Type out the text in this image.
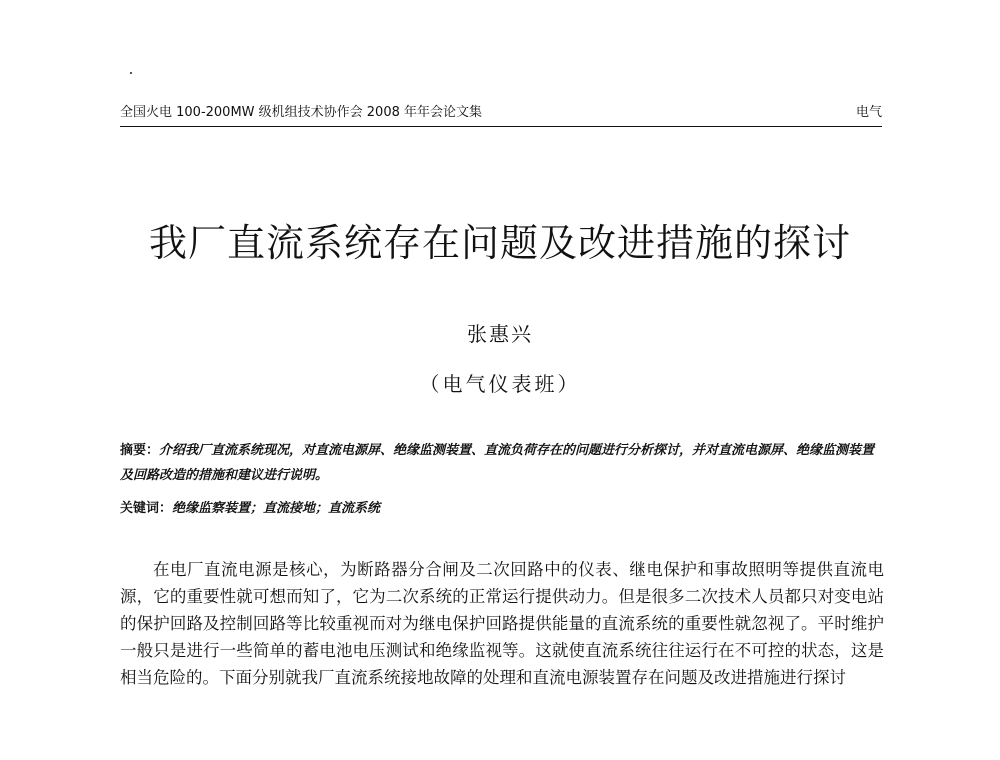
全国火电 100-200MW 级机组技术协作会 2008 年年会论文集	电气
我厂直流系统存在问题及改进措施的探讨
张惠兴
（电气仪表班）
摘要：介绍我厂直流系统现况，对直流电源屏、绝缘监测装置、直流负荷存在的问题进行分析探讨，并对直流电源屏、绝缘监测装置及回路改造的措施和建议进行说明。
关键词：绝缘监察装置；直流接地；直流系统

在电厂直流电源是核心，为断路器分合闸及二次回路中的仪表、继电保护和事故照明等提供直流电源，它的重要性就可想而知了，它为二次系统的正常运行提供动力。但是很多二次技术人员都只对变电站的保护回路及控制回路等比较重视而对为继电保护回路提供能量的直流系统的重要性就忽视了。平时维护一般只是进行一些简单的蓄电池电压测试和绝缘监视等。这就使直流系统往往运行在不可控的状态，这是相当危险的。下面分别就我厂直流系统接地故障的处理和直流电源装置存在问题及改进措施进行探讨
